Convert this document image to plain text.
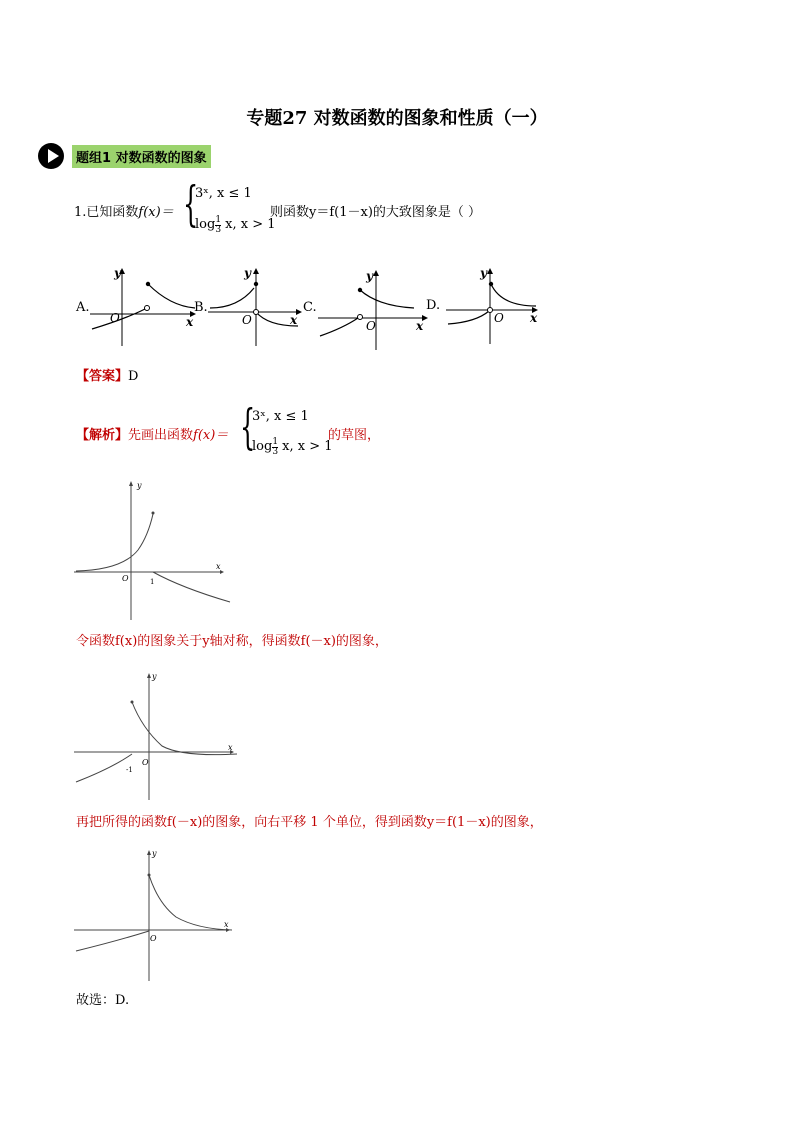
专题27 对数函数的图象和性质（一）
题组1 对数函数的图象
1.已知函数f(x)＝ {
3ˣ, x ≤ 1
$\log \frac{1}{3} x$, x > 1
则函数y＝f(1－x)的大致图象是（ ）
A.
y
x
O
B.
y
x
O
C.
y
x
O
D.
y
x
O
【答案】D
【解析】先画出函数f(x)＝ {
3ˣ, x ≤ 1
$\log \frac{1}{3} x$, x > 1
的草图，
y
x
O	1
令函数f(x)的图象关于y轴对称，得函数f(－x)的图象，
y
x
O
-1
再把所得的函数f(－x)的图象，向右平移 1 个单位，得到函数y＝f(1－x)的图象，
y
x
O
故选：D.
